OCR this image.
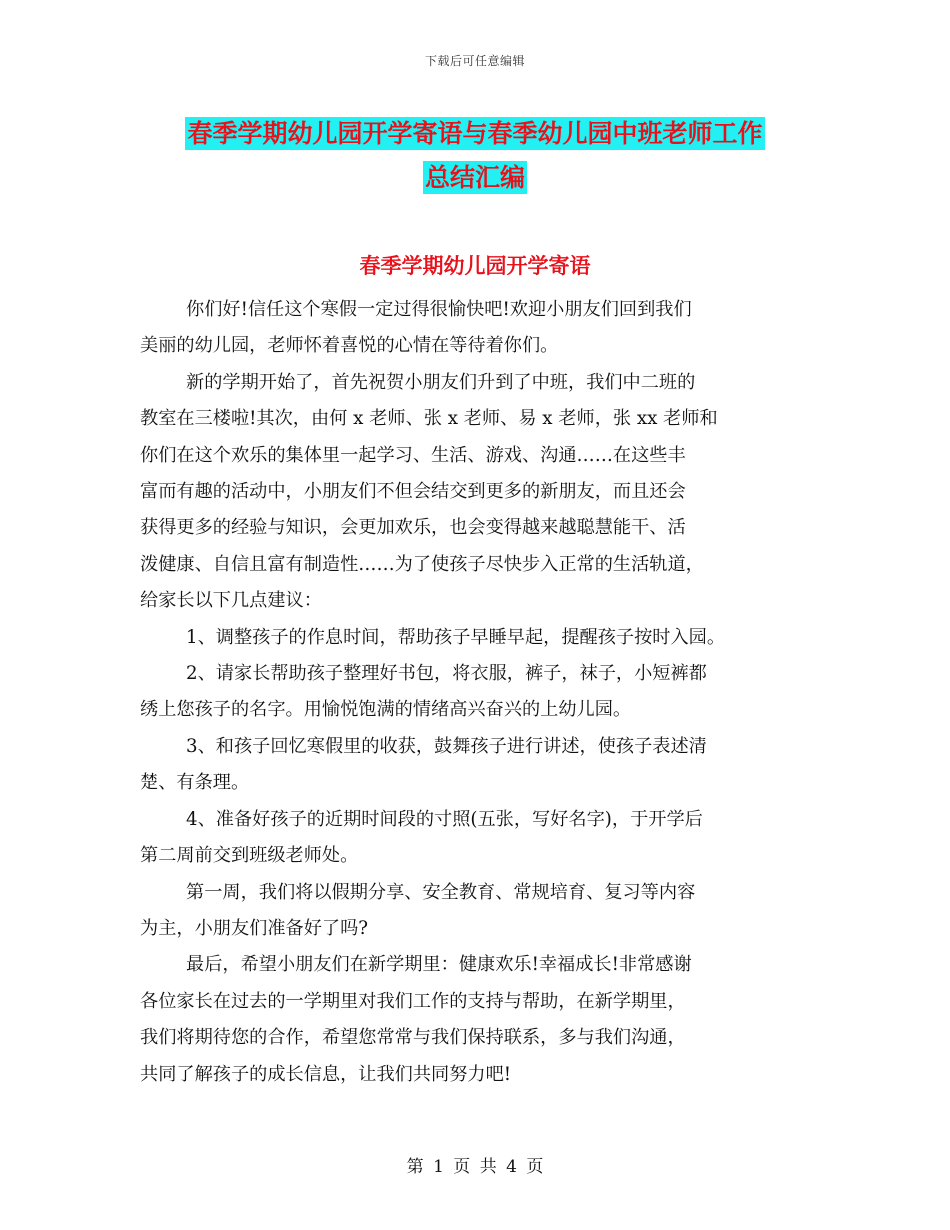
下载后可任意编辑
春季学期幼儿园开学寄语与春季幼儿园中班老师工作
总结汇编
春季学期幼儿园开学寄语
你们好!信任这个寒假一定过得很愉快吧!欢迎小朋友们回到我们
美丽的幼儿园，老师怀着喜悦的心情在等待着你们。
新的学期开始了，首先祝贺小朋友们升到了中班，我们中二班的
教室在三楼啦!其次，由何 x 老师、张 x 老师、易 x 老师，张 xx 老师和
你们在这个欢乐的集体里一起学习、生活、游戏、沟通……在这些丰
富而有趣的活动中，小朋友们不但会结交到更多的新朋友，而且还会
获得更多的经验与知识，会更加欢乐，也会变得越来越聪慧能干、活
泼健康、自信且富有制造性……为了使孩子尽快步入正常的生活轨道，
给家长以下几点建议：
1、调整孩子的作息时间，帮助孩子早睡早起，提醒孩子按时入园。
2、请家长帮助孩子整理好书包，将衣服，裤子，袜子，小短裤都
绣上您孩子的名字。用愉悦饱满的情绪高兴奋兴的上幼儿园。
3、和孩子回忆寒假里的收获，鼓舞孩子进行讲述，使孩子表述清
楚、有条理。
4、准备好孩子的近期时间段的寸照(五张，写好名字)，于开学后
第二周前交到班级老师处。
第一周，我们将以假期分享、安全教育、常规培育、复习等内容
为主，小朋友们准备好了吗?
最后，希望小朋友们在新学期里：健康欢乐!幸福成长!非常感谢
各位家长在过去的一学期里对我们工作的支持与帮助，在新学期里，
我们将期待您的合作，希望您常常与我们保持联系，多与我们沟通，
共同了解孩子的成长信息，让我们共同努力吧!
第 1 页 共 4 页
